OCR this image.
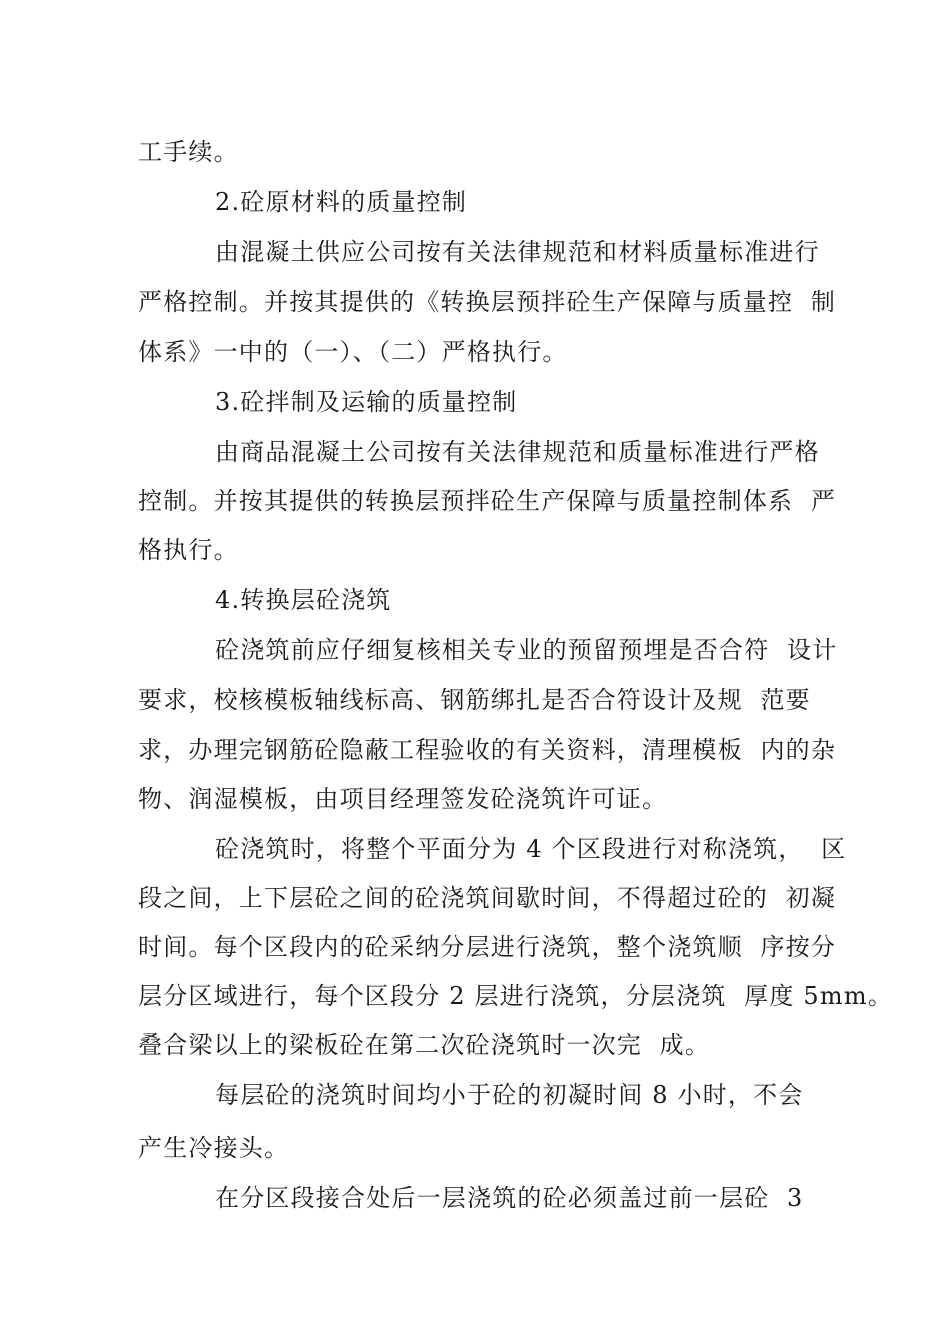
工手续。
2.砼原材料的质量控制
由混凝土供应公司按有关法律规范和材料质量标准进行
严格控制。并按其提供的《转换层预拌砼生产保障与质量控  制
体系》一中的（一）、（二）严格执行。
3.砼拌制及运输的质量控制
由商品混凝土公司按有关法律规范和质量标准进行严格
控制。并按其提供的转换层预拌砼生产保障与质量控制体系  严
格执行。
4.转换层砼浇筑
砼浇筑前应仔细复核相关专业的预留预埋是否合符  设计
要求，校核模板轴线标高、钢筋绑扎是否合符设计及规  范要
求，办理完钢筋砼隐蔽工程验收的有关资料，清理模板  内的杂
物、润湿模板，由项目经理签发砼浇筑许可证。
砼浇筑时，将整个平面分为 4 个区段进行对称浇筑，  区
段之间，上下层砼之间的砼浇筑间歇时间，不得超过砼的  初凝
时间。每个区段内的砼采纳分层进行浇筑，整个浇筑顺  序按分
层分区域进行，每个区段分 2 层进行浇筑，分层浇筑  厚度 5mm。
叠合梁以上的梁板砼在第二次砼浇筑时一次完  成。
每层砼的浇筑时间均小于砼的初凝时间 8 小时，不会
产生冷接头。
在分区段接合处后一层浇筑的砼必须盖过前一层砼  3
